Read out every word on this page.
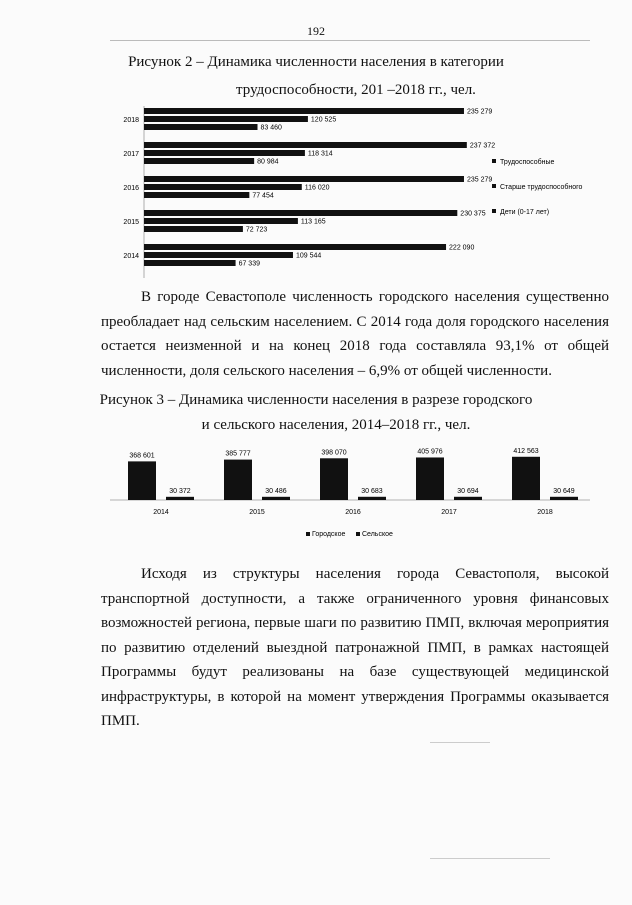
192
Рисунок 2 – Динамика численности населения в категории
трудоспособности, 201 –2018 гг., чел.
2018
235 279
120 525
83 460
2017
237 372
118 314
80 984
2016
235 279
116 020
77 454
2015
230 375
113 165
72 723
2014
222 090
109 544
67 339
Трудоспособные
Старше трудоспособного
Дети (0-17 лет)

В городе Севастополе численность городского населения существенно преобладает над сельским населением. С 2014 года доля городского населения остается неизменной и на конец 2018 года составляла 93,1% от общей численности, доля сельского населения – 6,9% от общей численности.

Рисунок 3 – Динамика численности населения в разрезе городского
и сельского населения, 2014–2018 гг., чел.
368 601
30 372
2014
385 777
30 486
2015
398 070
30 683
2016
405 976
30 694
2017
412 563
30 649
2018
Городское Сельское

Исходя из структуры населения города Севастополя, высокой транспортной доступности, а также ограниченного уровня финансовых возможностей региона, первые шаги по развитию ПМП, включая мероприятия по развитию отделений выездной патронажной ПМП, в рамках настоящей Программы будут реализованы на базе существующей медицинской инфраструктуры, в которой на момент утверждения Программы оказывается ПМП.
